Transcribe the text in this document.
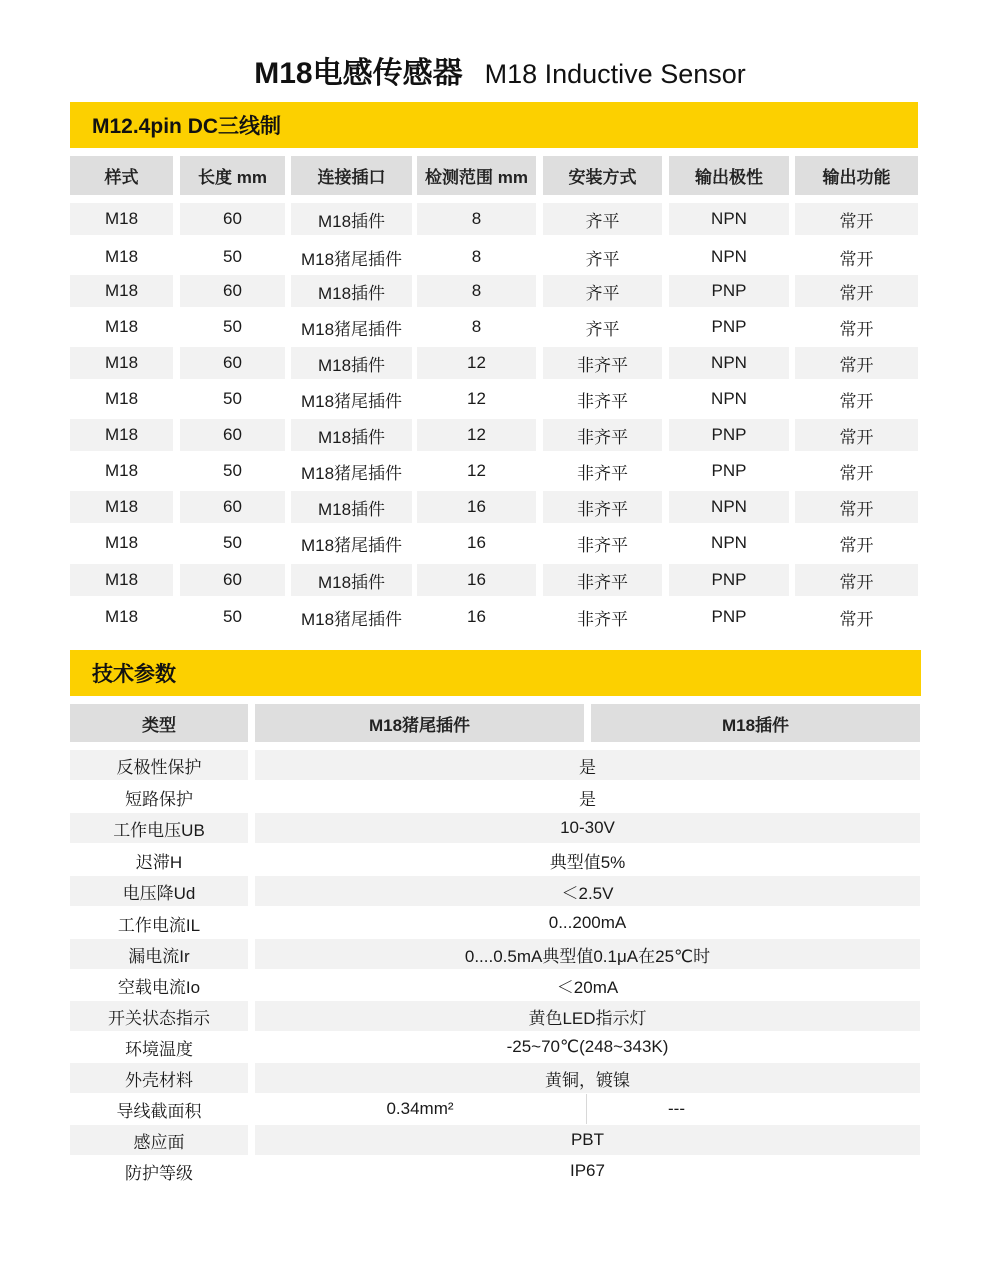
M18电感传感器 M18 Inductive Sensor
M12.4pin DC三线制
样式	长度 mm	连接插口	检测范围 mm	安装方式	输出极性	输出功能
M18	60	M18插件	8	齐平	NPN	常开
M18	50	M18猪尾插件	8	齐平	NPN	常开
M18	60	M18插件	8	齐平	PNP	常开
M18	50	M18猪尾插件	8	齐平	PNP	常开
M18	60	M18插件	12	非齐平	NPN	常开
M18	50	M18猪尾插件	12	非齐平	NPN	常开
M18	60	M18插件	12	非齐平	PNP	常开
M18	50	M18猪尾插件	12	非齐平	PNP	常开
M18	60	M18插件	16	非齐平	NPN	常开
M18	50	M18猪尾插件	16	非齐平	NPN	常开
M18	60	M18插件	16	非齐平	PNP	常开
M18	50	M18猪尾插件	16	非齐平	PNP	常开
技术参数
类型	M18猪尾插件	M18插件
反极性保护	是
短路保护	是
工作电压UB	10-30V
迟滞H	典型值5%
电压降Ud	＜2.5V
工作电流IL	0...200mA
漏电流Ir	0....0.5mA典型值0.1μA在25℃时
空载电流Io	＜20mA
开关状态指示	黄色LED指示灯
环境温度	-25~70℃(248~343K)
外壳材料	黄铜，镀镍
导线截面积	0.34mm²	---
感应面	PBT
防护等级	IP67
